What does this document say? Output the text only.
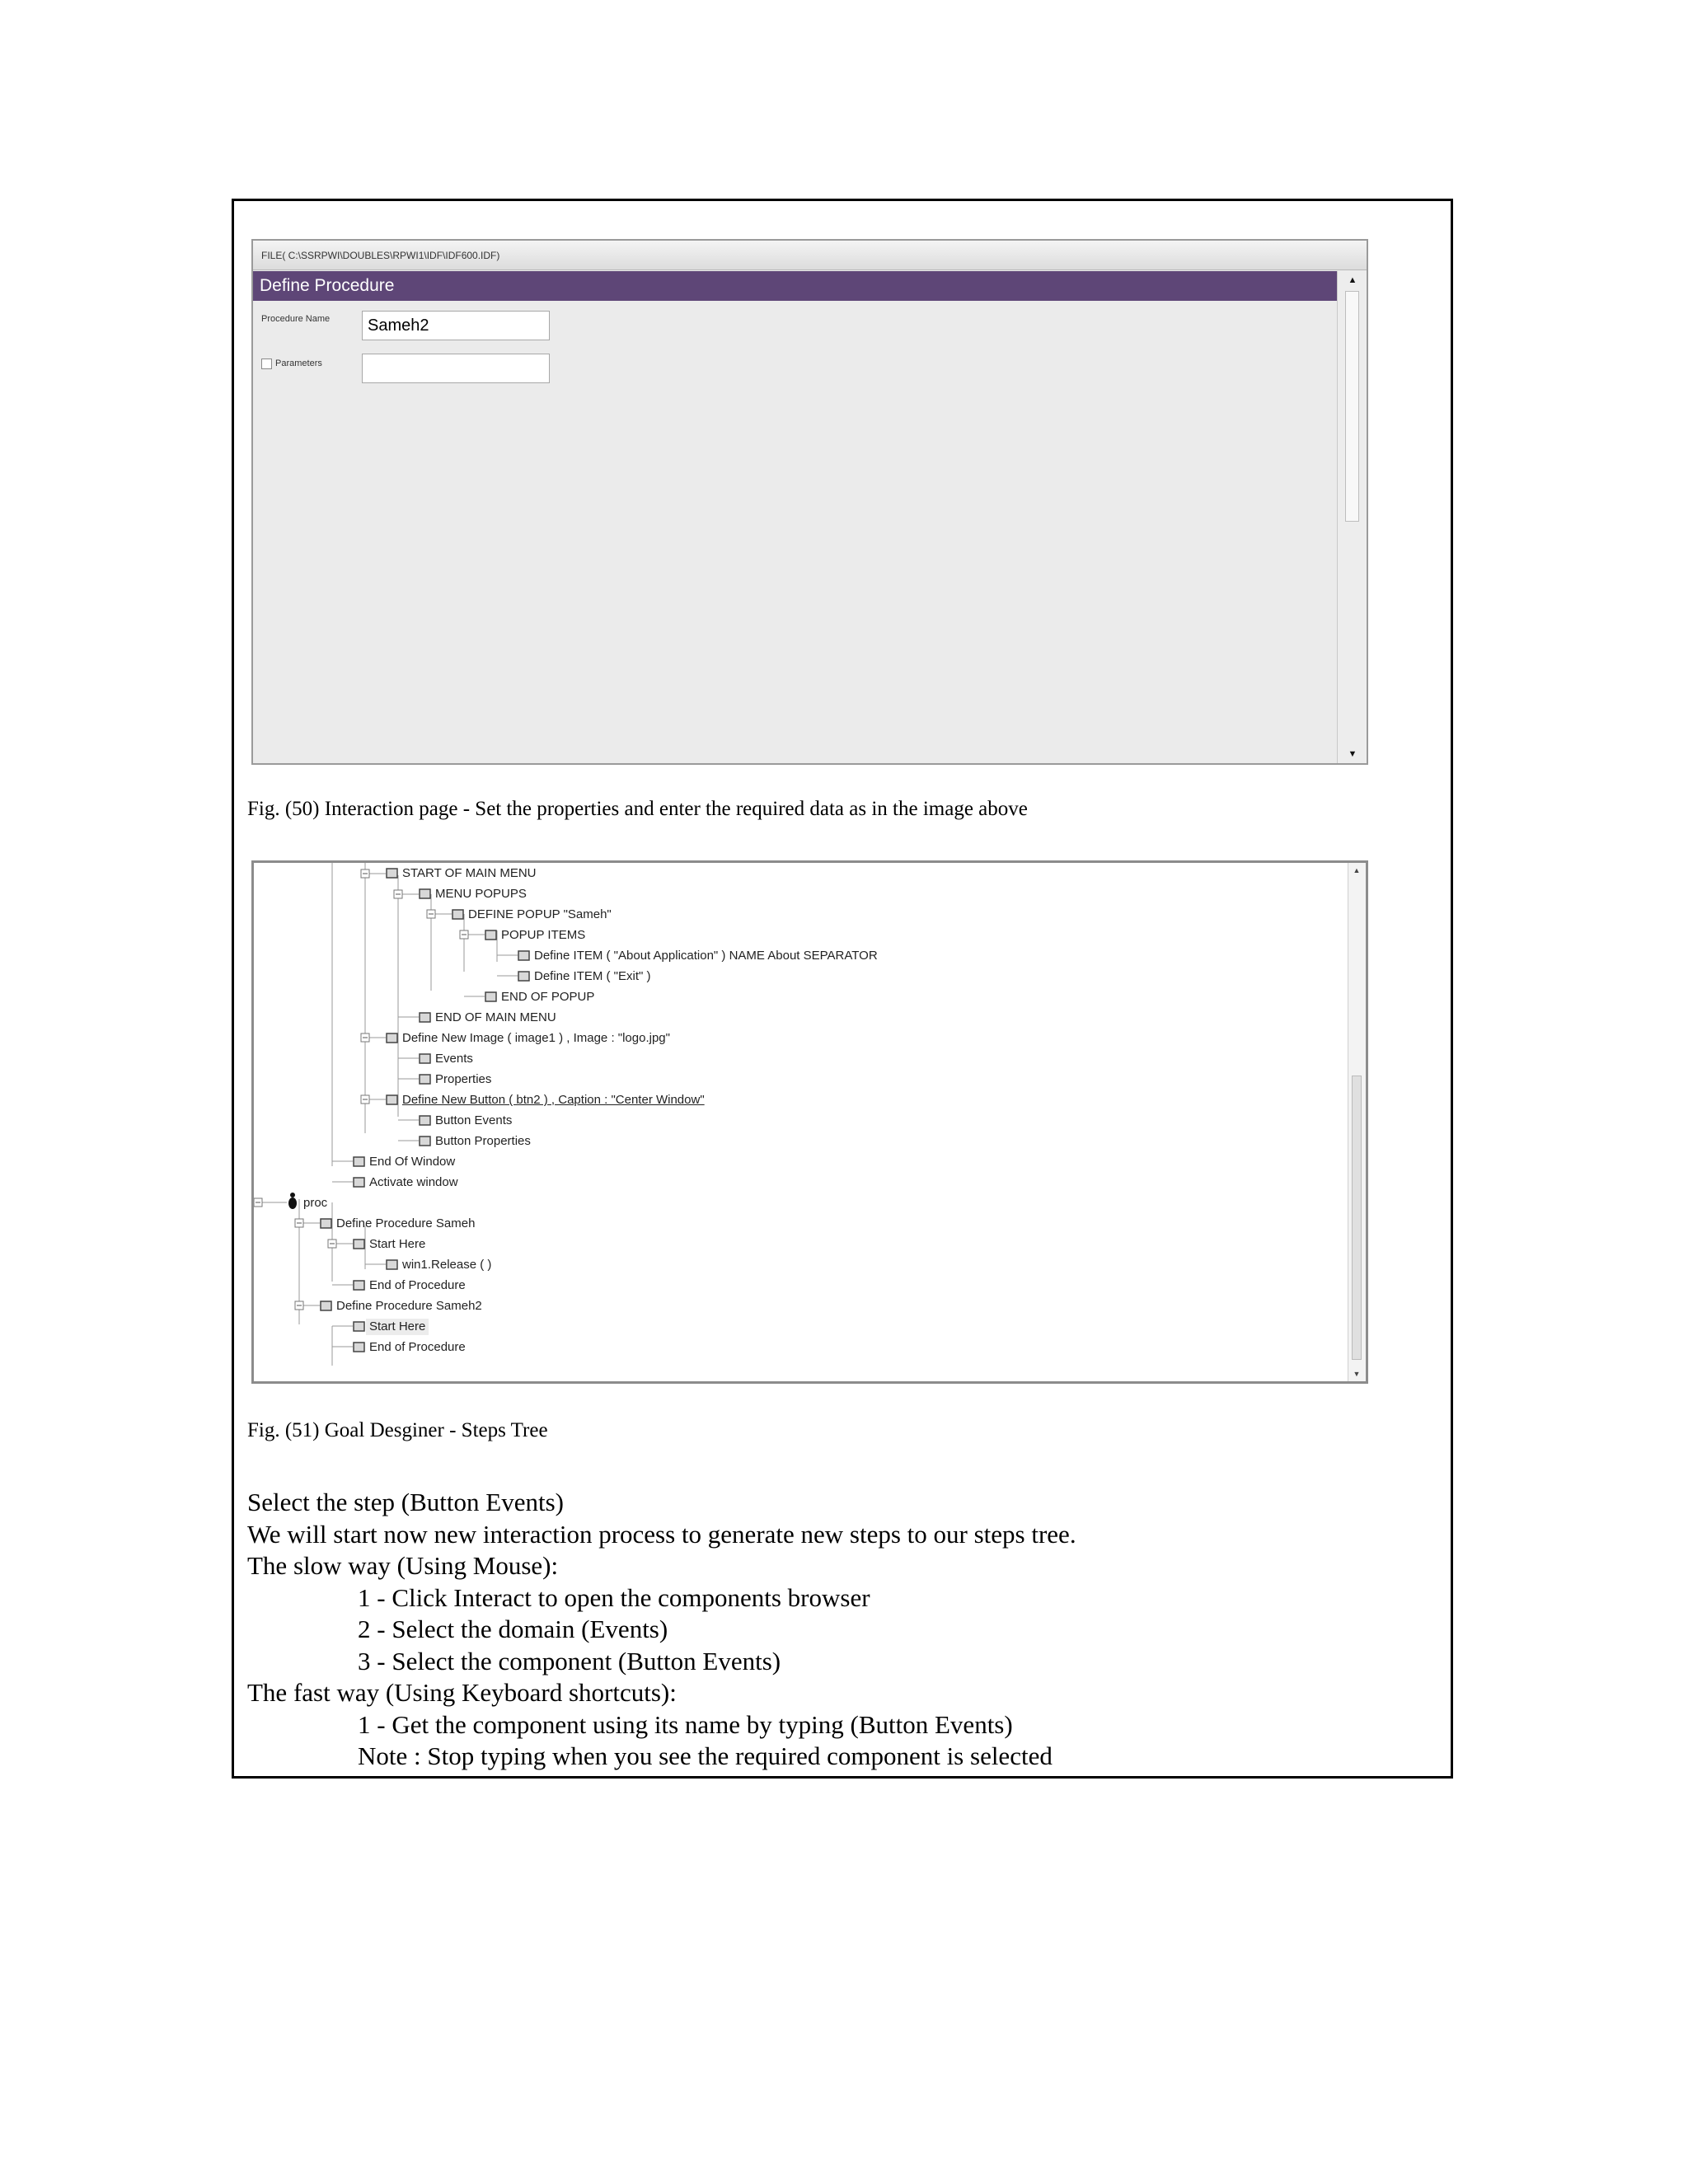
FILE( C:\SSRPWI\DOUBLES\RPWI1\IDF\IDF600.IDF)
Define Procedure
Procedure Name	Sameh2
Parameters
▲
▼
Fig. (50) Interaction page - Set the properties and enter the required data as in the image above
START OF MAIN MENU
MENU POPUPS
DEFINE POPUP "Sameh"
POPUP ITEMS
Define ITEM ( "About Application" ) NAME About SEPARATOR
Define ITEM ( "Exit" )
END OF POPUP
END OF MAIN MENU
Define New Image ( image1 ) , Image : "logo.jpg"
Events
Properties
Define New Button ( btn2 ) , Caption : "Center Window"
Button Events
Button Properties
End Of Window
Activate window
proc
Define Procedure Sameh
Start Here
win1.Release ( )
End of Procedure
Define Procedure Sameh2
Start Here
End of Procedure
▲
▼
Fig. (51) Goal Desginer - Steps Tree
Select the step (Button Events)
We will start now new interaction process to generate new steps to our steps tree.
The slow way (Using Mouse):
1 - Click Interact to open the components browser
2 - Select the domain (Events)
3 - Select the component (Button Events)
The fast way (Using Keyboard shortcuts):
1 - Get the component using its name by typing (Button Events)
Note : Stop typing when you see the required component is selected
